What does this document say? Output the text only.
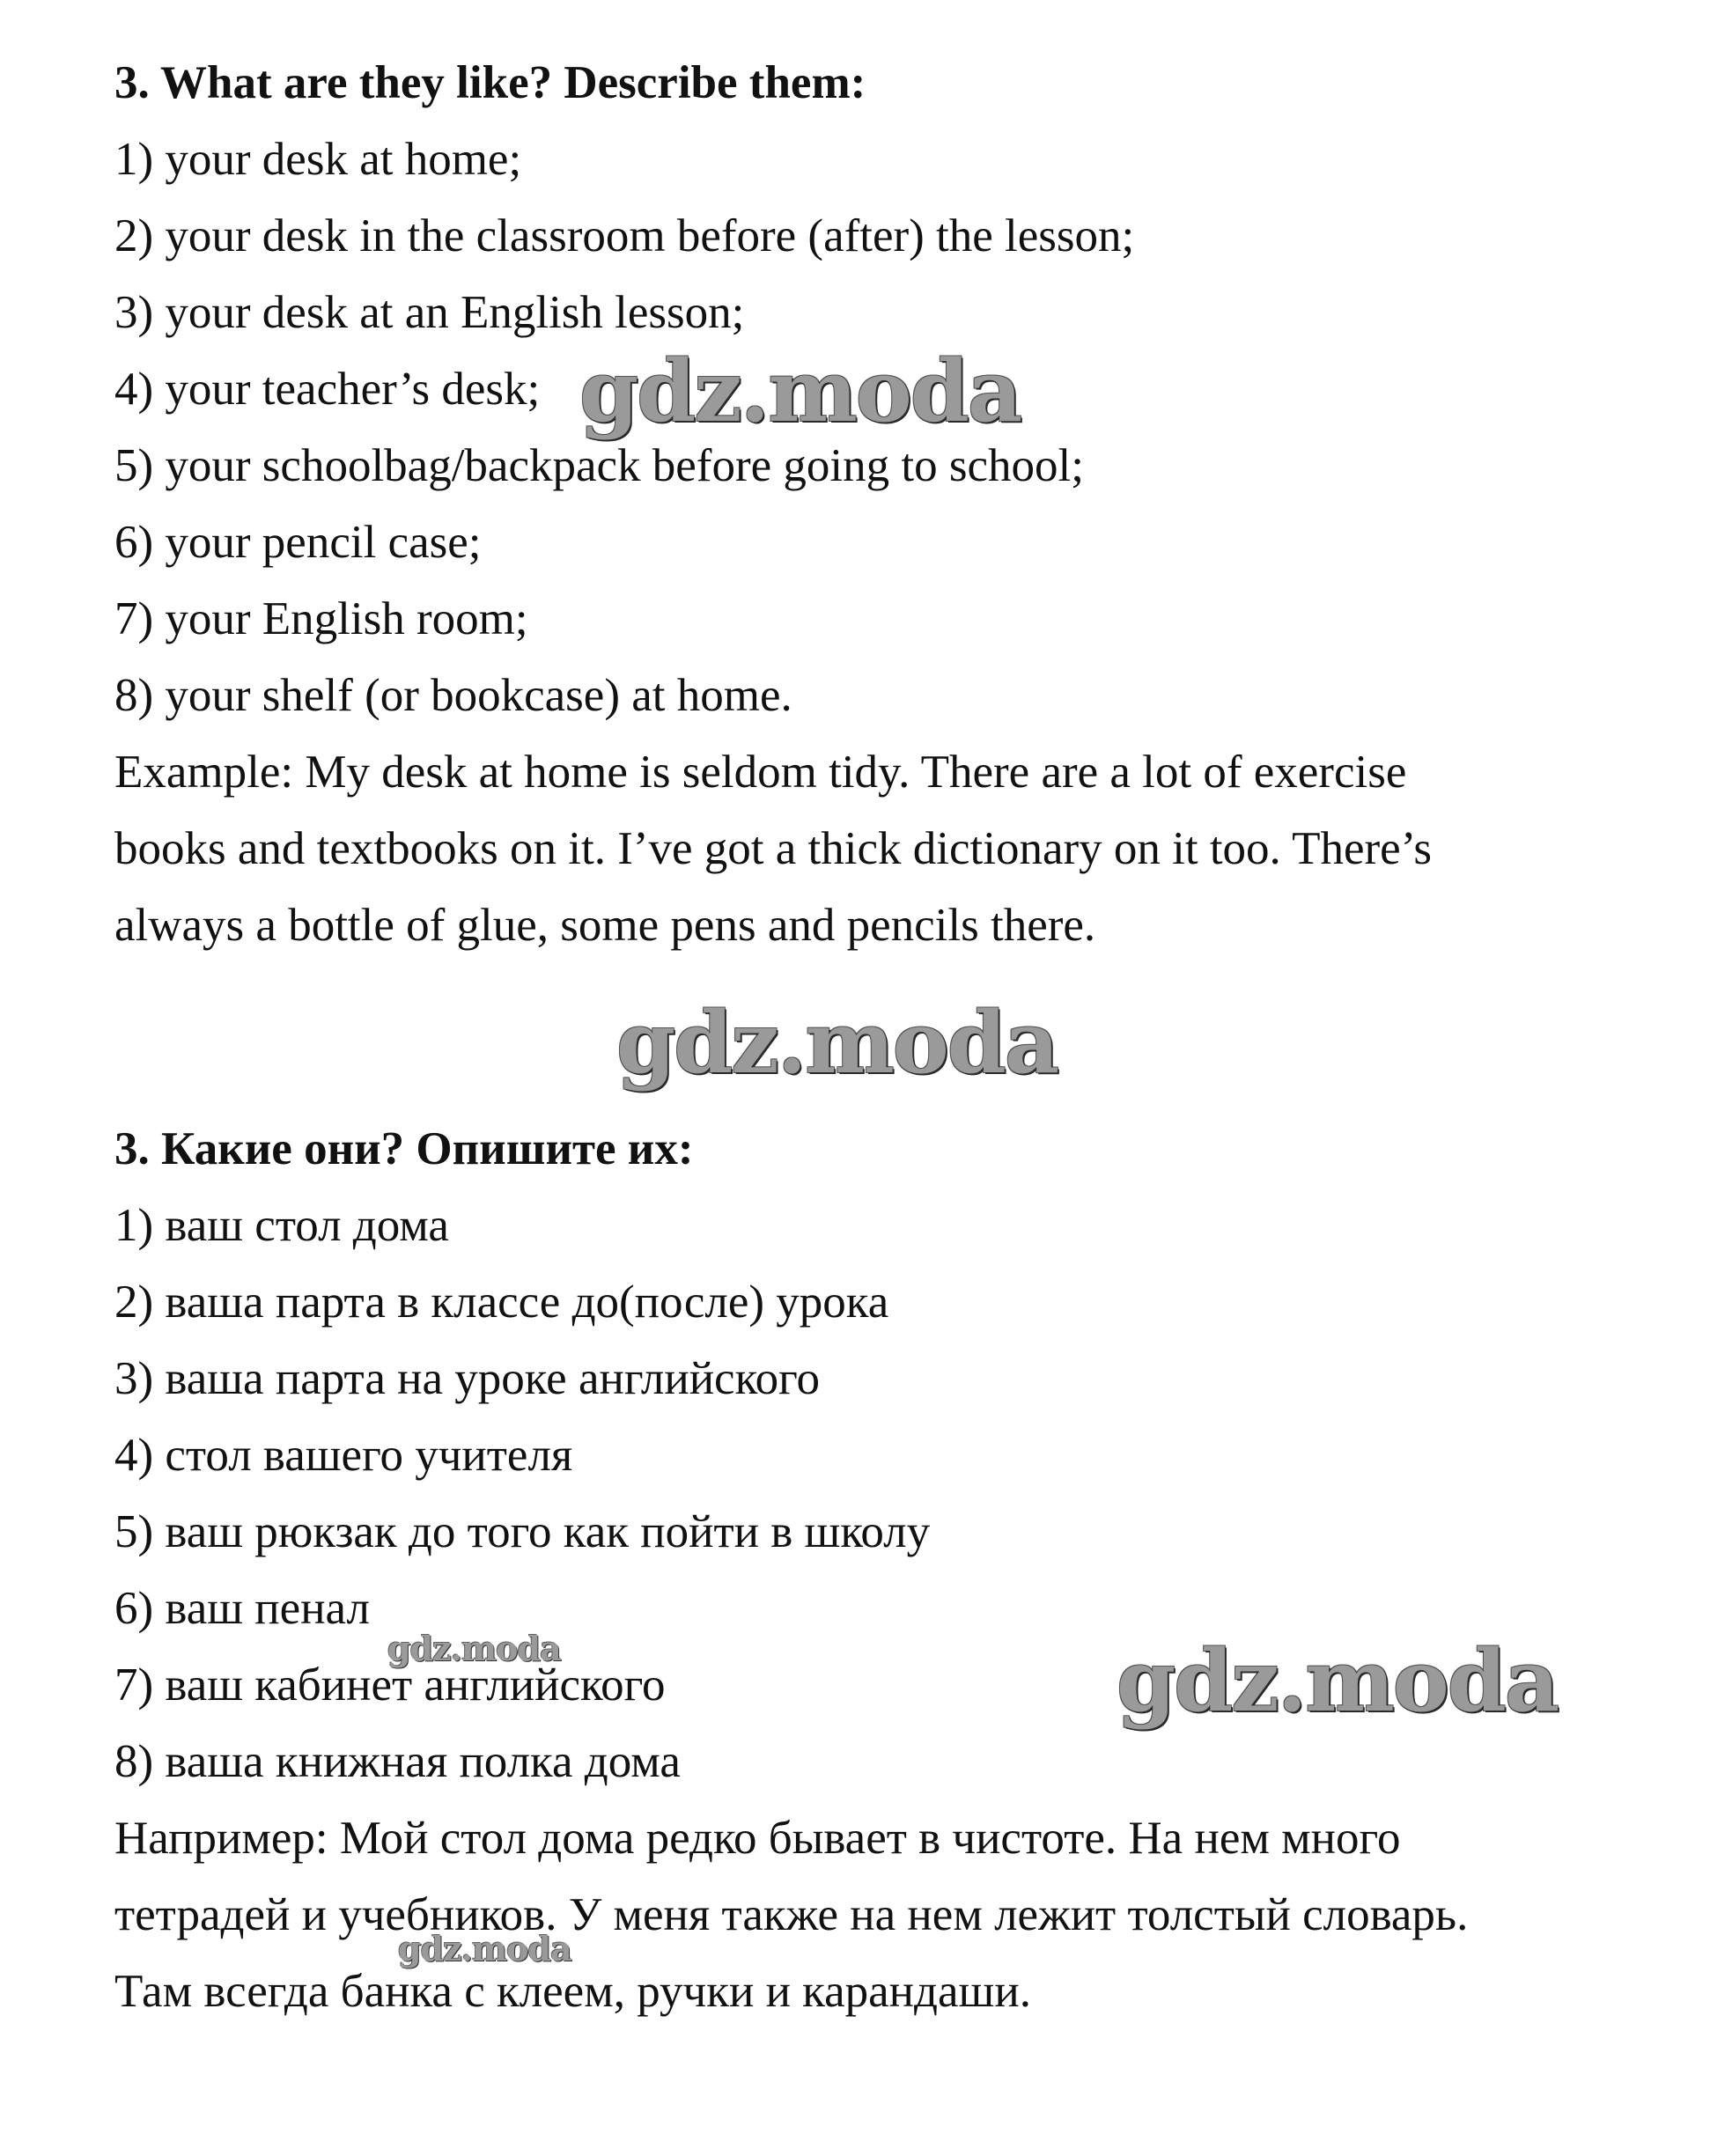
3. What are they like? Describe them:

1) your desk at home;

2) your desk in the classroom before (after) the lesson;

3) your desk at an English lesson;

4) your teacher’s desk;

5) your schoolbag/backpack before going to school;

6) your pencil case;

7) your English room;

8) your shelf (or bookcase) at home.

Example: My desk at home is seldom tidy. There are a lot of exercise

books and textbooks on it. I’ve got a thick dictionary on it too. There’s

always a bottle of glue, some pens and pencils there.

3. Какие они? Опишите их:

1) ваш стол дома

2) ваша парта в классе до(после) урока

3) ваша парта на уроке английского

4) стол вашего учителя

5) ваш рюкзак до того как пойти в школу

6) ваш пенал

7) ваш кабинет английского

8) ваша книжная полка дома

Например: Мой стол дома редко бывает в чистоте. На нем много

тетрадей и учебников. У меня также на нем лежит толстый словарь.

Там всегда банка с клеем, ручки и карандаши.

gdz.moda
gdz.moda
gdz.moda
gdz.moda
gdz.moda
